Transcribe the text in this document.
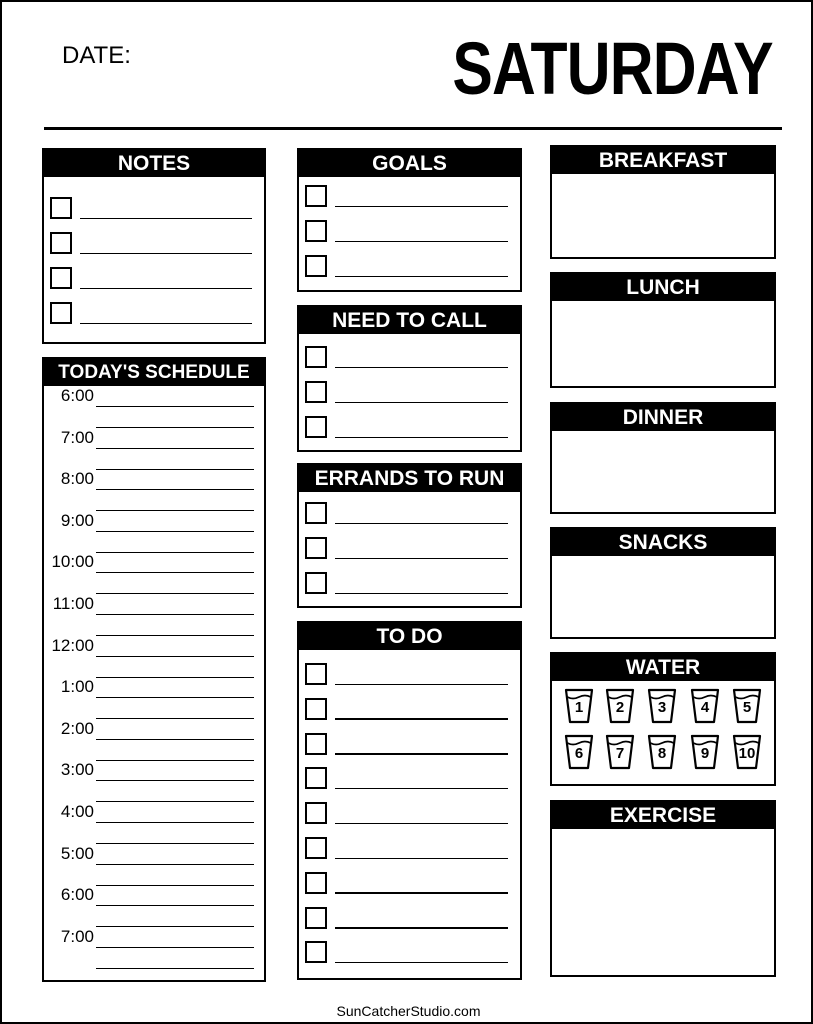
DATE:	SATURDAY
NOTES
TODAY'S SCHEDULE
6:00
7:00
8:00
9:00
10:00
11:00
12:00
1:00
2:00
3:00
4:00
5:00
6:00
7:00
GOALS
NEED TO CALL
ERRANDS TO RUN
TO DO
BREAKFAST
LUNCH
DINNER
SNACKS
WATER
1	2	3	4	5
6	7	8	9	10
EXERCISE
SunCatcherStudio.com
